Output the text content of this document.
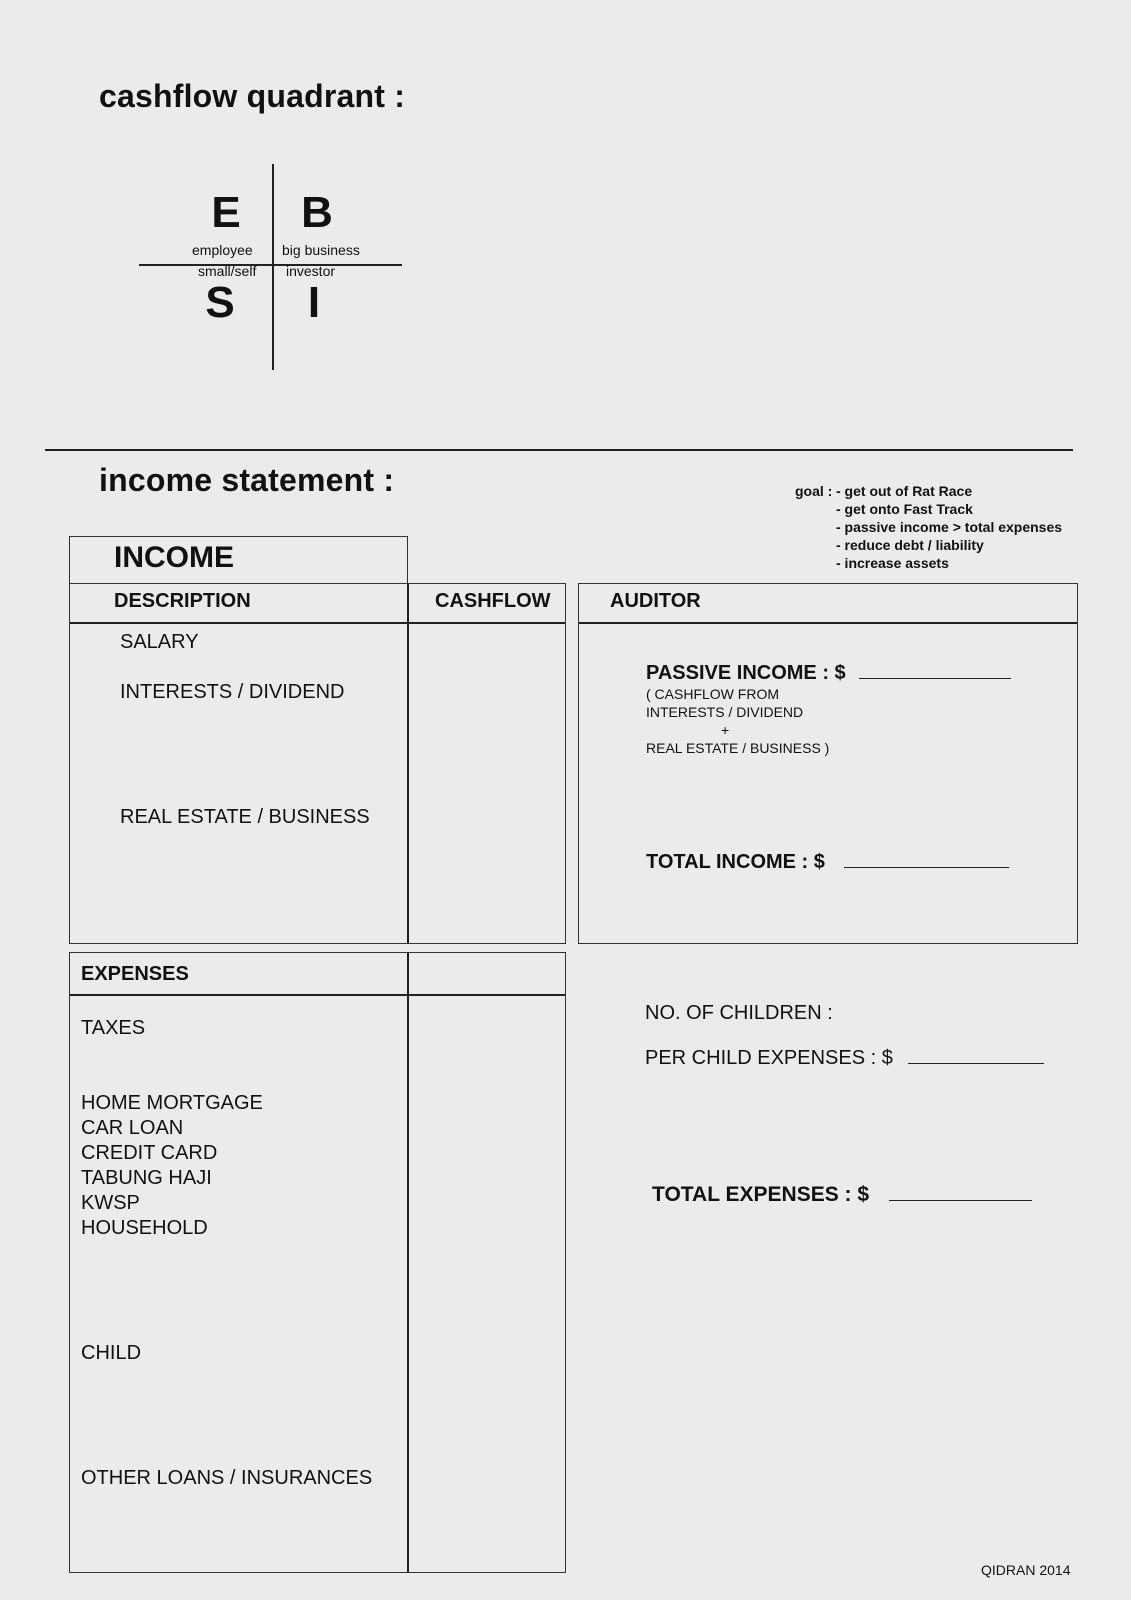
cashflow quadrant :
E	B
employee big business
small/self investor
S	I
income statement :	goal : - get out of Rat Race
- get onto Fast Track
- passive income > total expenses
- reduce debt / liability
- increase assets
INCOME
DESCRIPTION	CASHFLOW
SALARY
INTERESTS / DIVIDEND
REAL ESTATE / BUSINESS
AUDITOR
PASSIVE INCOME : $
( CASHFLOW FROM
INTERESTS / DIVIDEND
+
REAL ESTATE / BUSINESS )
TOTAL INCOME : $
EXPENSES
TAXES
HOME MORTGAGE
CAR LOAN
CREDIT CARD
TABUNG HAJI
KWSP
HOUSEHOLD
CHILD
OTHER LOANS / INSURANCES
NO. OF CHILDREN :
PER CHILD EXPENSES : $
TOTAL EXPENSES : $
QIDRAN 2014
